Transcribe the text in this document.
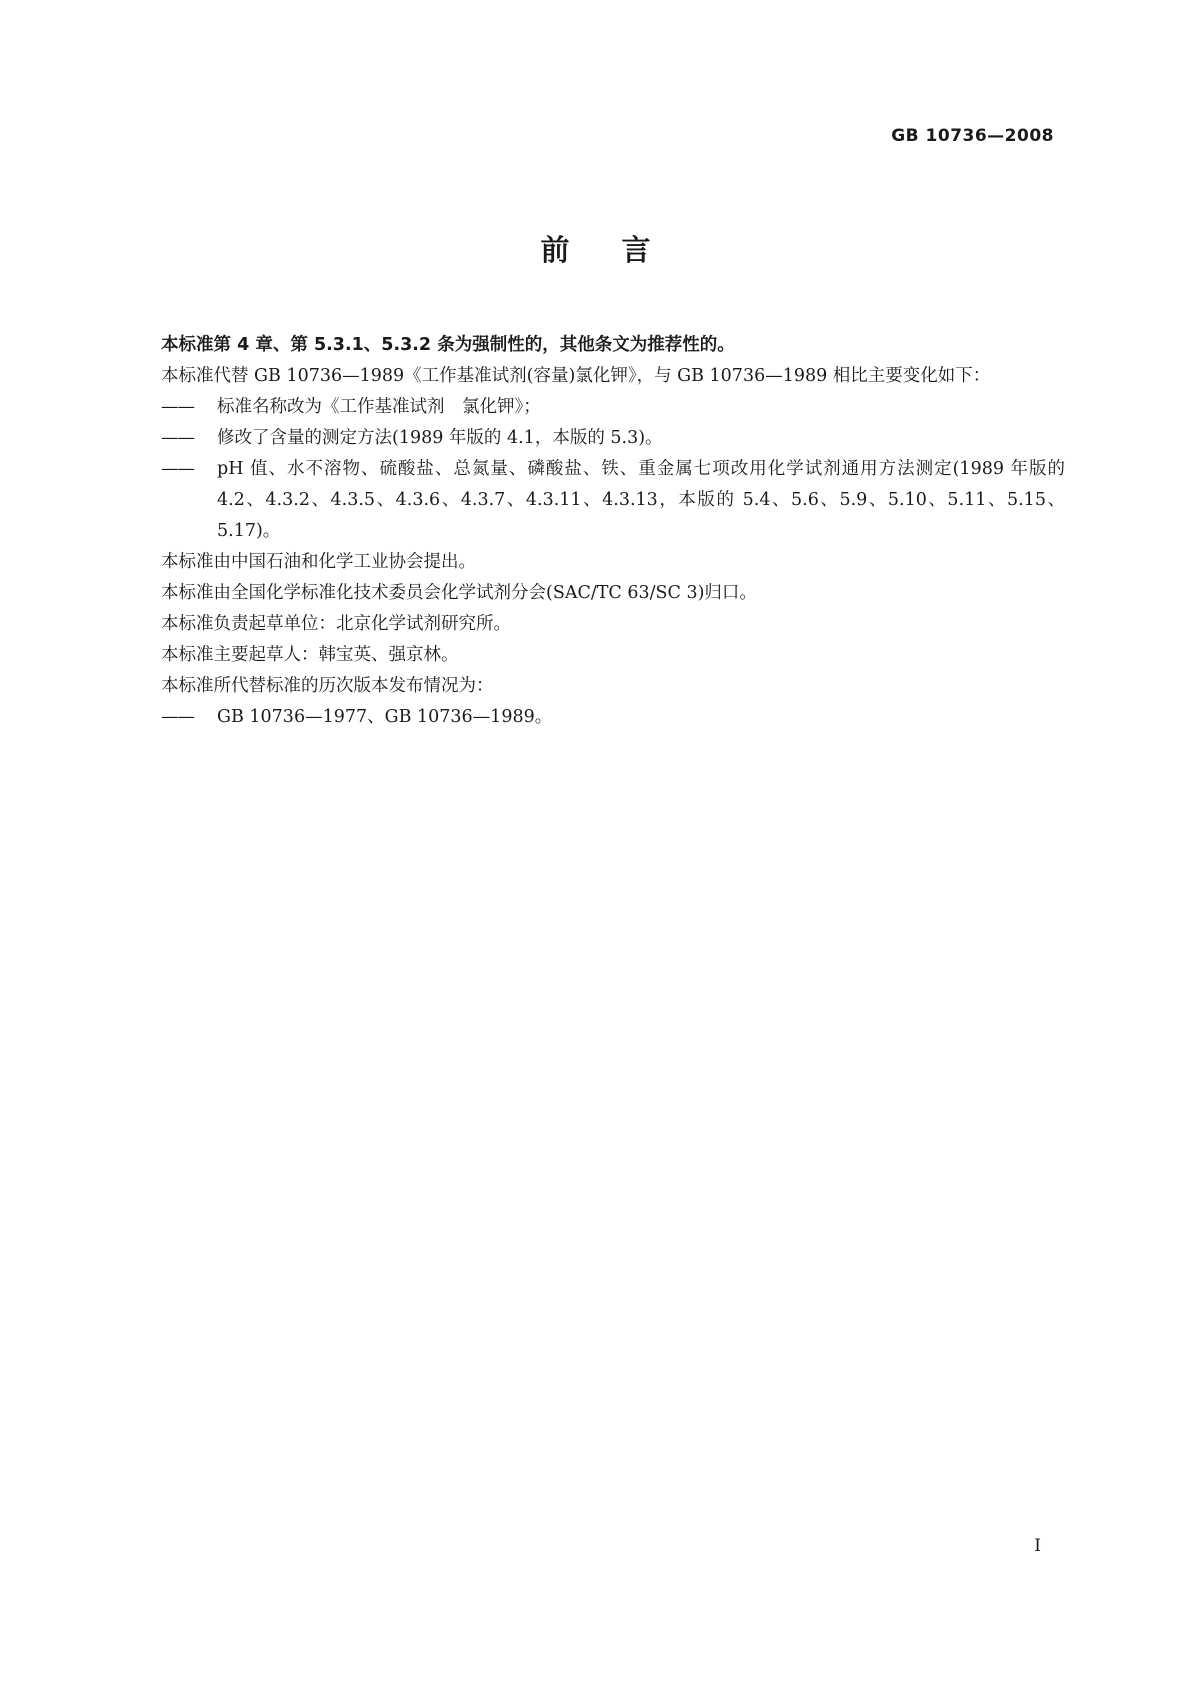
GB 10736—2008
前言

本标准第 4 章、第 5.3.1、5.3.2 条为强制性的，其他条文为推荐性的。

本标准代替 GB 10736—1989《工作基准试剂(容量)氯化钾》，与 GB 10736—1989 相比主要变化如下：

——	标准名称改为《工作基准试剂　氯化钾》；
——	修改了含量的测定方法(1989 年版的 4.1，本版的 5.3)。
——	pH 值、水不溶物、硫酸盐、总氮量、磷酸盐、铁、重金属七项改用化学试剂通用方法测定(1989 年版的 4.2、4.3.2、4.3.5、4.3.6、4.3.7、4.3.11、4.3.13，本版的 5.4、5.6、5.9、5.10、5.11、5.15、5.17)。

本标准由中国石油和化学工业协会提出。

本标准由全国化学标准化技术委员会化学试剂分会(SAC/TC 63/SC 3)归口。

本标准负责起草单位：北京化学试剂研究所。

本标准主要起草人：韩宝英、强京林。

本标准所代替标准的历次版本发布情况为：

——	GB 10736—1977、GB 10736—1989。
I
